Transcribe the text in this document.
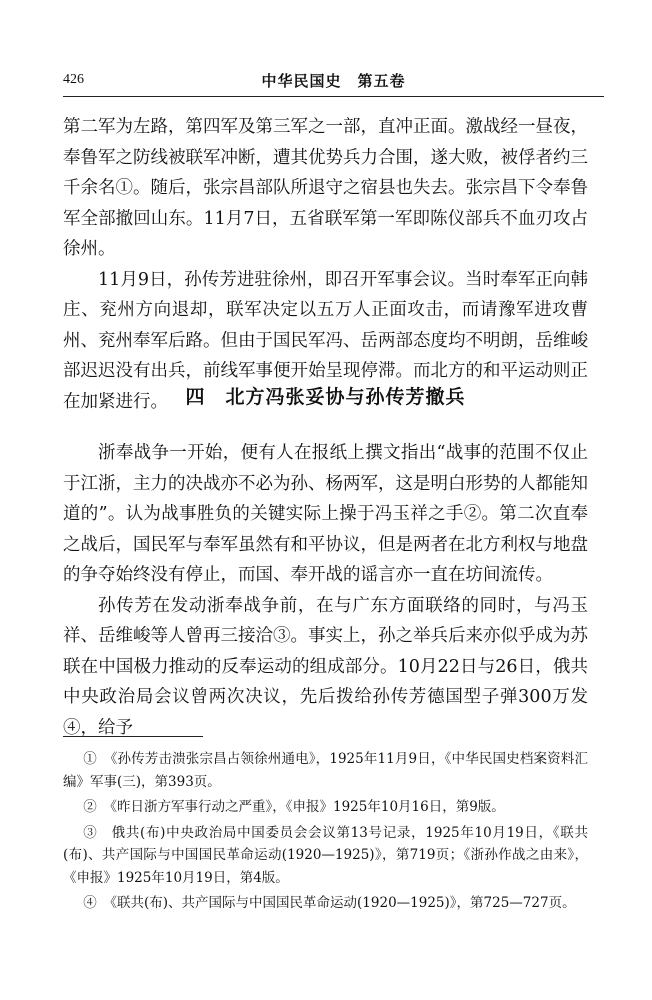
426	中华民国史　第五卷

第二军为左路，第四军及第三军之一部，直冲正面。激战经一昼夜，奉鲁军之防线被联军冲断，遭其优势兵力合围，遂大败，被俘者约三千余名①。随后，张宗昌部队所退守之宿县也失去。张宗昌下令奉鲁军全部撤回山东。11月7日，五省联军第一军即陈仪部兵不血刃攻占徐州。

11月9日，孙传芳进驻徐州，即召开军事会议。当时奉军正向韩庄、兖州方向退却，联军决定以五万人正面攻击，而请豫军进攻曹州、兖州奉军后路。但由于国民军冯、岳两部态度均不明朗，岳维峻部迟迟没有出兵，前线军事便开始呈现停滞。而北方的和平运动则正在加紧进行。 四　北方冯张妥协与孙传芳撤兵

浙奉战争一开始，便有人在报纸上撰文指出“战事的范围不仅止于江浙，主力的决战亦不必为孙、杨两军，这是明白形势的人都能知道的”。认为战事胜负的关键实际上操于冯玉祥之手②。第二次直奉之战后，国民军与奉军虽然有和平协议，但是两者在北方利权与地盘的争夺始终没有停止，而国、奉开战的谣言亦一直在坊间流传。

孙传芳在发动浙奉战争前，在与广东方面联络的同时，与冯玉祥、岳维峻等人曾再三接洽③。事实上，孙之举兵后来亦似乎成为苏联在中国极力推动的反奉运动的组成部分。10月22日与26日，俄共中央政治局会议曾两次决议，先后拨给孙传芳德国型子弹300万发④，给予

①　《孙传芳击溃张宗昌占领徐州通电》，1925年11月9日，《中华民国史档案资料汇编》军事(三)，第393页。

②　《昨日浙方军事行动之严重》，《申报》1925年10月16日，第9版。

③　俄共(布)中央政治局中国委员会会议第13号记录，1925年10月19日，《联共(布)、共产国际与中国国民革命运动(1920—1925)》，第719页；《浙孙作战之由来》，《申报》1925年10月19日，第4版。

④　《联共(布)、共产国际与中国国民革命运动(1920—1925)》，第725—727页。
